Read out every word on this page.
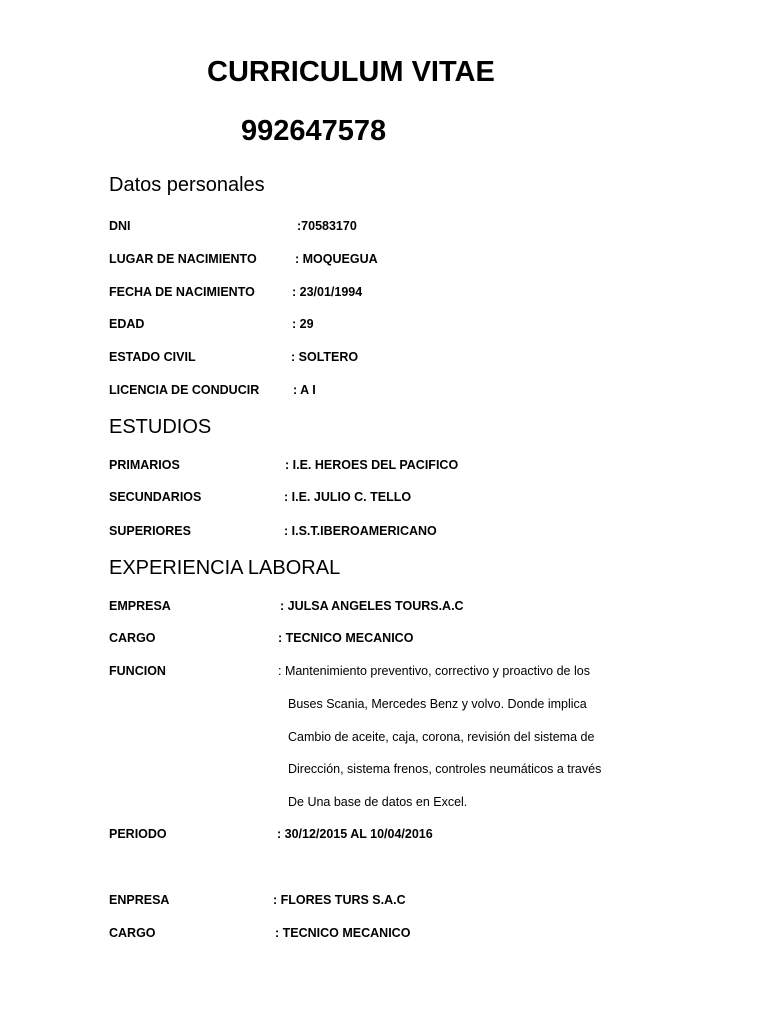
CURRICULUM VITAE
992647578
Datos personales
DNI	:70583170
LUGAR DE NACIMIENTO	: MOQUEGUA
FECHA DE NACIMIENTO	: 23/01/1994
EDAD	: 29
ESTADO CIVIL	: SOLTERO
LICENCIA DE CONDUCIR	: A I
ESTUDIOS
PRIMARIOS	: I.E. HEROES DEL PACIFICO
SECUNDARIOS	: I.E. JULIO C. TELLO
SUPERIORES	: I.S.T.IBEROAMERICANO
EXPERIENCIA LABORAL
EMPRESA	: JULSA ANGELES TOURS.A.C
CARGO	: TECNICO MECANICO
FUNCION	: Mantenimiento preventivo, correctivo y proactivo de los
Buses Scania, Mercedes Benz y volvo. Donde implica
Cambio de aceite, caja, corona, revisión del sistema de
Dirección, sistema frenos, controles neumáticos a través
De Una base de datos en Excel.
PERIODO	: 30/12/2015 AL 10/04/2016
ENPRESA	: FLORES TURS S.A.C
CARGO	: TECNICO MECANICO
